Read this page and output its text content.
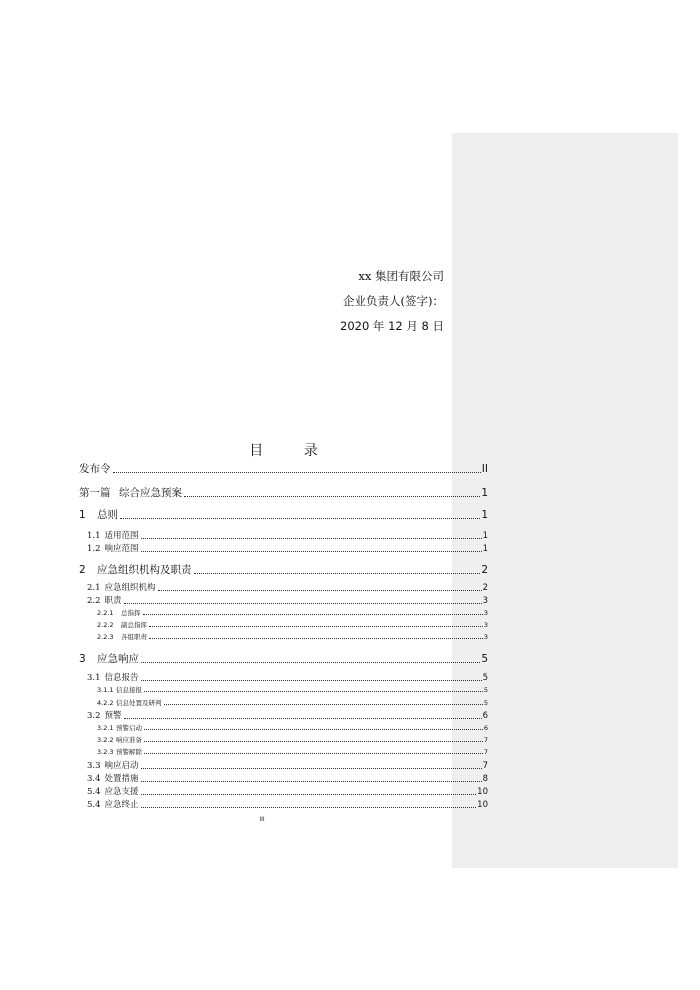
xx 集团有限公司
企业负责人(签字)：
2020 年 12 月 8 日
目 录
发布令	II
第一篇 综合应急预案	1
1 总则	1
1.1 适用范围	1
1.2 响应范围	1
2 应急组织机构及职责	2
2.1 应急组织机构	2
2.2 职责	3
2.2.1 总指挥	3
2.2.2 副总指挥	3
2.2.3 各组职责	3
3 应急响应	5
3.1 信息报告	5
3.1.1 信息接报	5
4.2.2 信息处置及研判	5
3.2 预警	6
3.2.1 预警启动	6
3.2.2 响应准备	7
3.2.3 预警解除	7
3.3 响应启动	7
3.4 处置措施	8
5.4 应急支援	10
5.4 应急终止	10
III
